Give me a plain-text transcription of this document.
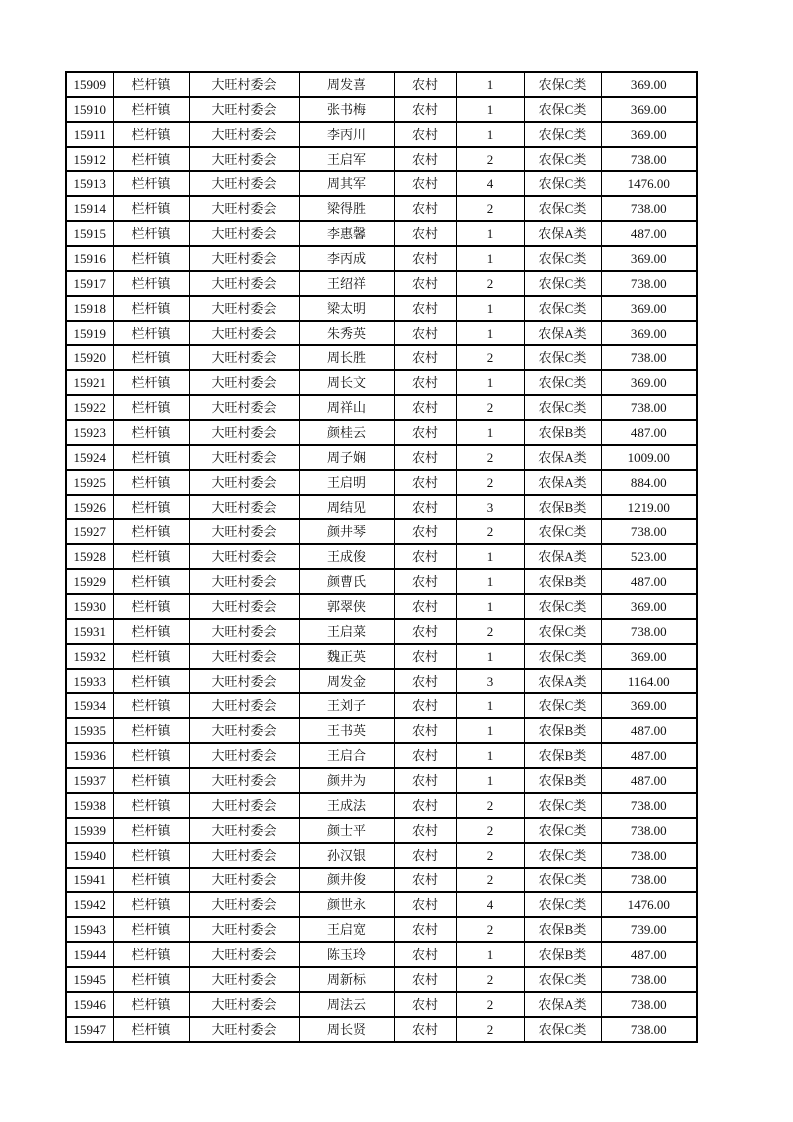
15909	栏杆镇	大旺村委会	周发喜	农村	1	农保C类	369.00
15910	栏杆镇	大旺村委会	张书梅	农村	1	农保C类	369.00
15911	栏杆镇	大旺村委会	李丙川	农村	1	农保C类	369.00
15912	栏杆镇	大旺村委会	王启军	农村	2	农保C类	738.00
15913	栏杆镇	大旺村委会	周其军	农村	4	农保C类	1476.00
15914	栏杆镇	大旺村委会	梁得胜	农村	2	农保C类	738.00
15915	栏杆镇	大旺村委会	李惠馨	农村	1	农保A类	487.00
15916	栏杆镇	大旺村委会	李丙成	农村	1	农保C类	369.00
15917	栏杆镇	大旺村委会	王绍祥	农村	2	农保C类	738.00
15918	栏杆镇	大旺村委会	梁太明	农村	1	农保C类	369.00
15919	栏杆镇	大旺村委会	朱秀英	农村	1	农保A类	369.00
15920	栏杆镇	大旺村委会	周长胜	农村	2	农保C类	738.00
15921	栏杆镇	大旺村委会	周长文	农村	1	农保C类	369.00
15922	栏杆镇	大旺村委会	周祥山	农村	2	农保C类	738.00
15923	栏杆镇	大旺村委会	颜桂云	农村	1	农保B类	487.00
15924	栏杆镇	大旺村委会	周子娴	农村	2	农保A类	1009.00
15925	栏杆镇	大旺村委会	王启明	农村	2	农保A类	884.00
15926	栏杆镇	大旺村委会	周结见	农村	3	农保B类	1219.00
15927	栏杆镇	大旺村委会	颜井琴	农村	2	农保C类	738.00
15928	栏杆镇	大旺村委会	王成俊	农村	1	农保A类	523.00
15929	栏杆镇	大旺村委会	颜曹氏	农村	1	农保B类	487.00
15930	栏杆镇	大旺村委会	郭翠侠	农村	1	农保C类	369.00
15931	栏杆镇	大旺村委会	王启菜	农村	2	农保C类	738.00
15932	栏杆镇	大旺村委会	魏正英	农村	1	农保C类	369.00
15933	栏杆镇	大旺村委会	周发金	农村	3	农保A类	1164.00
15934	栏杆镇	大旺村委会	王刘子	农村	1	农保C类	369.00
15935	栏杆镇	大旺村委会	王书英	农村	1	农保B类	487.00
15936	栏杆镇	大旺村委会	王启合	农村	1	农保B类	487.00
15937	栏杆镇	大旺村委会	颜井为	农村	1	农保B类	487.00
15938	栏杆镇	大旺村委会	王成法	农村	2	农保C类	738.00
15939	栏杆镇	大旺村委会	颜士平	农村	2	农保C类	738.00
15940	栏杆镇	大旺村委会	孙汉银	农村	2	农保C类	738.00
15941	栏杆镇	大旺村委会	颜井俊	农村	2	农保C类	738.00
15942	栏杆镇	大旺村委会	颜世永	农村	4	农保C类	1476.00
15943	栏杆镇	大旺村委会	王启宽	农村	2	农保B类	739.00
15944	栏杆镇	大旺村委会	陈玉玲	农村	1	农保B类	487.00
15945	栏杆镇	大旺村委会	周新标	农村	2	农保C类	738.00
15946	栏杆镇	大旺村委会	周法云	农村	2	农保A类	738.00
15947	栏杆镇	大旺村委会	周长贤	农村	2	农保C类	738.00
